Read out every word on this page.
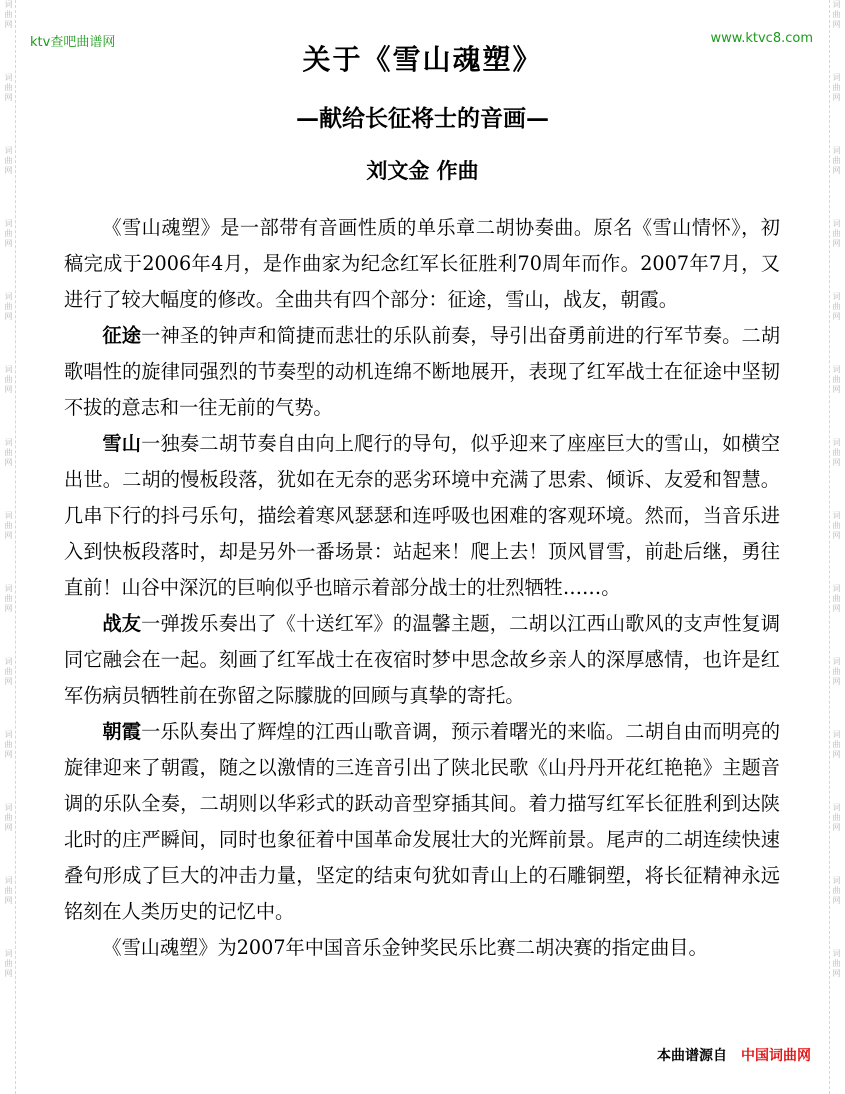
词
曲
网
词
曲
网
词
曲
网
词
曲
网
词
曲
网
词
曲
网
词
曲
网
词
曲
网
词
曲
网
词
曲
网
词
曲
网
词
曲
网
词
曲
网
词
曲
网
词
曲
网
词
曲
网
词
曲
网
词
曲
网
词
曲
网
词
曲
网
词
曲
网
词
曲
网
词
曲
网
词
曲
网
词
曲
网
词
曲
网
词
曲
网
词
曲
网
ktv查吧曲谱网	www.ktvc8.com
关于《雪山魂塑》
—献给长征将士的音画—
刘文金 作曲

《雪山魂塑》是一部带有音画性质的单乐章二胡协奏曲。原名《雪山情怀》，初稿完成于2006年4月，是作曲家为纪念红军长征胜利70周年而作。2007年7月，又进行了较大幅度的修改。全曲共有四个部分：征途，雪山，战友，朝霞。

征途一神圣的钟声和简捷而悲壮的乐队前奏，导引出奋勇前进的行军节奏。二胡歌唱性的旋律同强烈的节奏型的动机连绵不断地展开，表现了红军战士在征途中坚韧不拔的意志和一往无前的气势。

雪山一独奏二胡节奏自由向上爬行的导句，似乎迎来了座座巨大的雪山，如横空出世。二胡的慢板段落，犹如在无奈的恶劣环境中充满了思索、倾诉、友爱和智慧。几串下行的抖弓乐句，描绘着寒风瑟瑟和连呼吸也困难的客观环境。然而，当音乐进入到快板段落时，却是另外一番场景：站起来！爬上去！顶风冒雪，前赴后继，勇往直前！山谷中深沉的巨响似乎也暗示着部分战士的壮烈牺牲……。

战友一弹拨乐奏出了《十送红军》的温馨主题，二胡以江西山歌风的支声性复调同它融会在一起。刻画了红军战士在夜宿时梦中思念故乡亲人的深厚感情，也许是红军伤病员牺牲前在弥留之际朦胧的回顾与真挚的寄托。

朝霞一乐队奏出了辉煌的江西山歌音调，预示着曙光的来临。二胡自由而明亮的旋律迎来了朝霞，随之以激情的三连音引出了陕北民歌《山丹丹开花红艳艳》主题音调的乐队全奏，二胡则以华彩式的跃动音型穿插其间。着力描写红军长征胜利到达陕北时的庄严瞬间，同时也象征着中国革命发展壮大的光辉前景。尾声的二胡连续快速叠句形成了巨大的冲击力量，坚定的结束句犹如青山上的石雕铜塑，将长征精神永远铭刻在人类历史的记忆中。

《雪山魂塑》为2007年中国音乐金钟奖民乐比赛二胡决赛的指定曲目。

本曲谱源自 中国词曲网
